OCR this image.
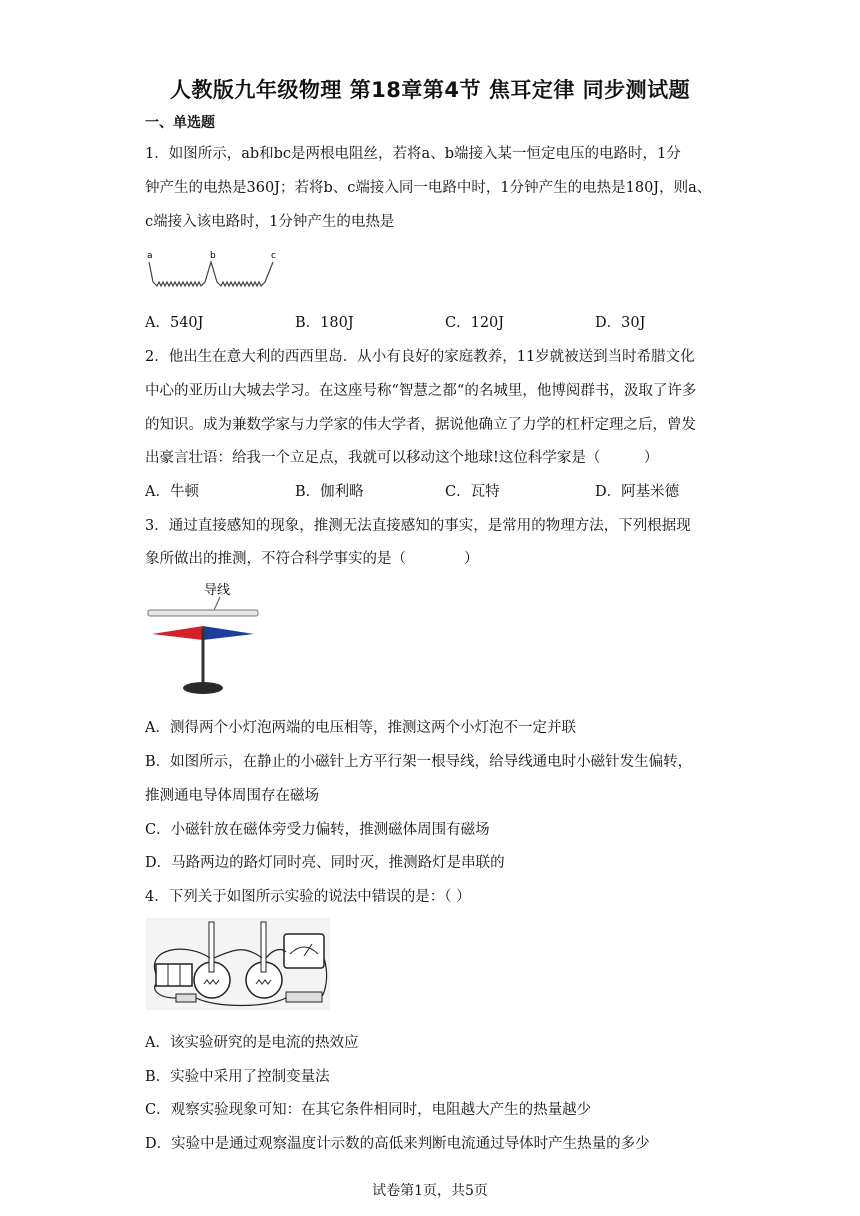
人教版九年级物理 第18章第4节 焦耳定律 同步测试题
一、单选题
1．如图所示，ab和bc是两根电阻丝，若将a、b端接入某一恒定电压的电路时，1分
钟产生的电热是360J；若将b、c端接入同一电路中时，1分钟产生的电热是180J，则a、
c端接入该电路时，1分钟产生的电热是
a	b	c
A．540J	B．180J	C．120J	D．30J
2．他出生在意大利的西西里岛．从小有良好的家庭教养，11岁就被送到当时希腊文化
中心的亚历山大城去学习。在这座号称“智慧之都“的名城里，他博阅群书，汲取了许多
的知识。成为兼数学家与力学家的伟大学者，据说他确立了力学的杠杆定理之后，曾发
出豪言壮语：给我一个立足点，我就可以移动这个地球!这位科学家是（　　　）
A．牛顿	B．伽利略	C．瓦特	D．阿基米德
3．通过直接感知的现象，推测无法直接感知的事实，是常用的物理方法，下列根据现
象所做出的推测，不符合科学事实的是（　　　　）
导线
A．测得两个小灯泡两端的电压相等，推测这两个小灯泡不一定并联
B．如图所示，在静止的小磁针上方平行架一根导线，给导线通电时小磁针发生偏转，
推测通电导体周围存在磁场
C．小磁针放在磁体旁受力偏转，推测磁体周围有磁场
D．马路两边的路灯同时亮、同时灭，推测路灯是串联的
4．下列关于如图所示实验的说法中错误的是：（ ）
A．该实验研究的是电流的热效应
B．实验中采用了控制变量法
C．观察实验现象可知：在其它条件相同时，电阻越大产生的热量越少
D．实验中是通过观察温度计示数的高低来判断电流通过导体时产生热量的多少
试卷第1页，共5页
